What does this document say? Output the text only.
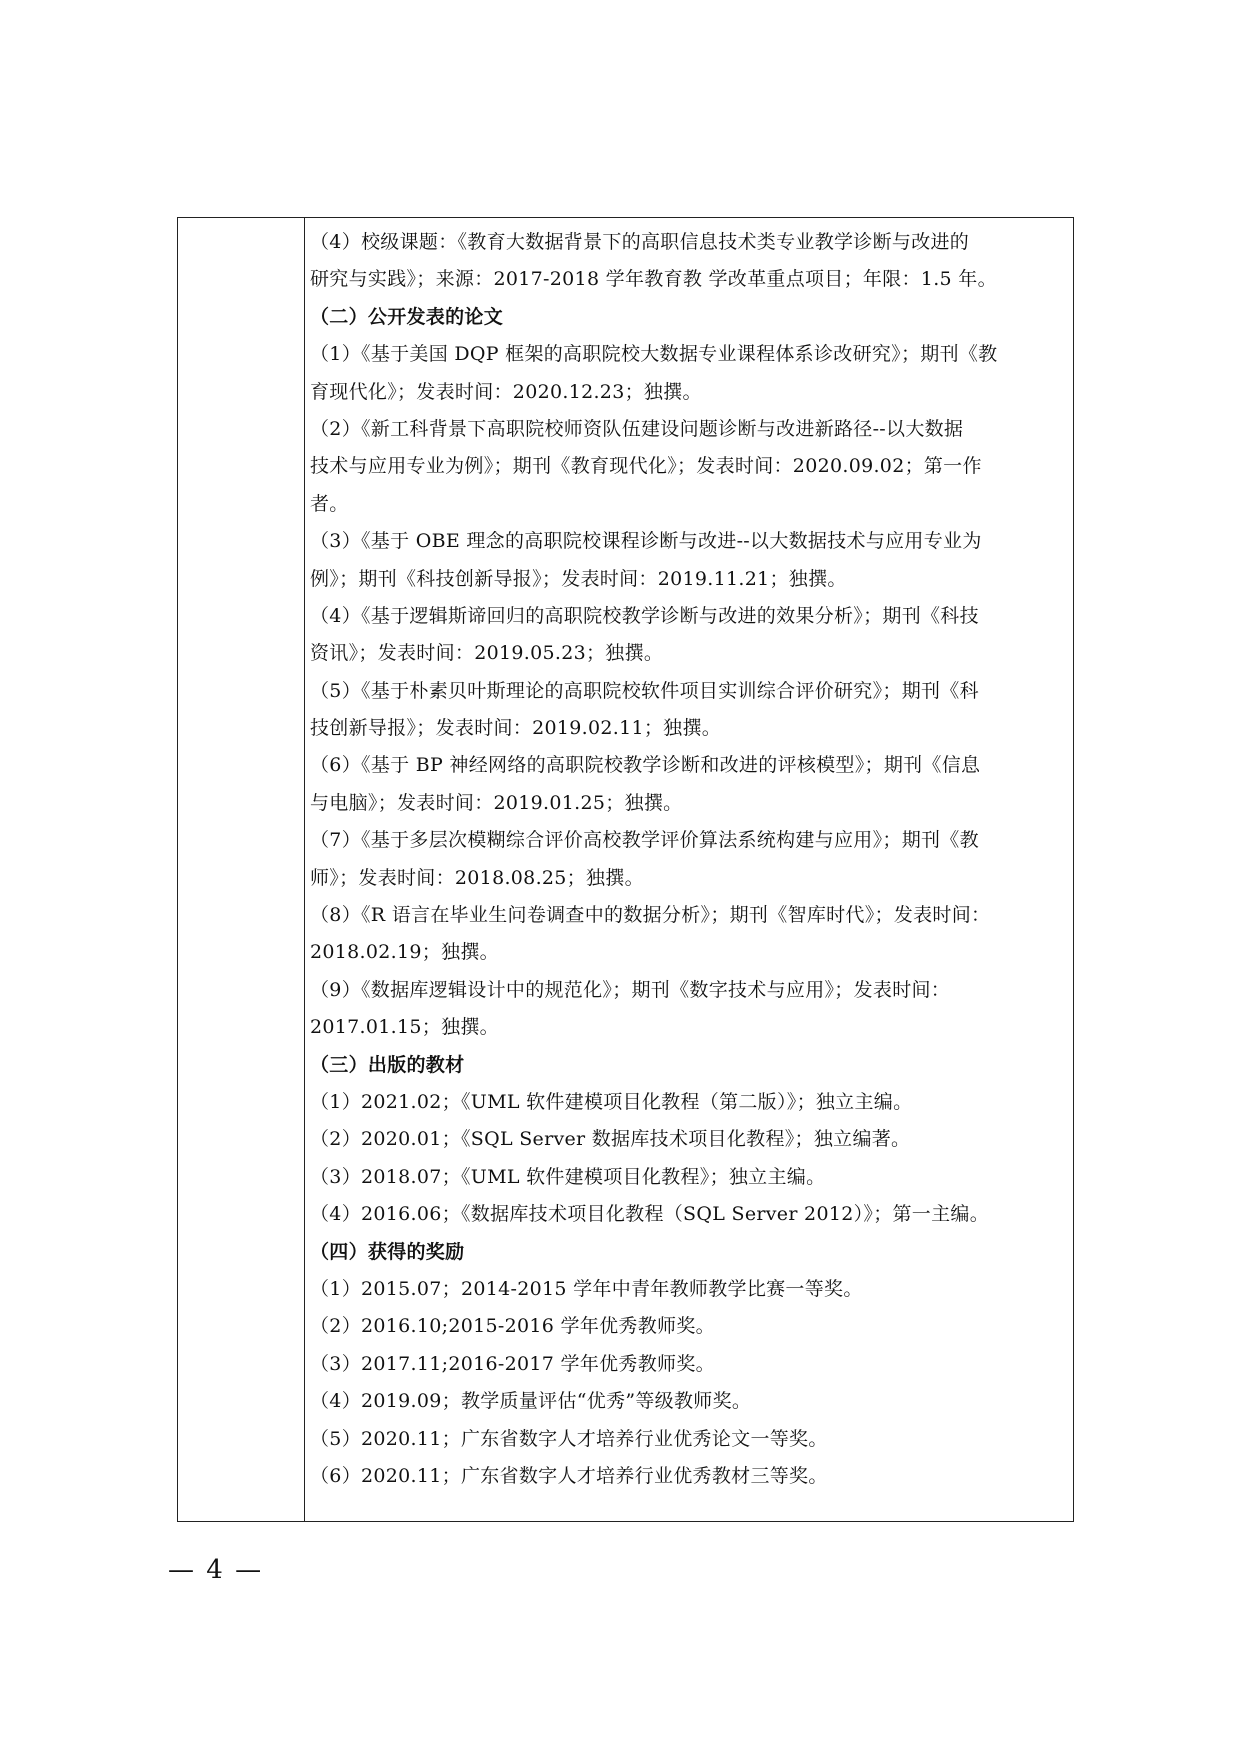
（4）校级课题：《教育大数据背景下的高职信息技术类专业教学诊断与改进的
研究与实践》；来源：2017-2018 学年教育教 学改革重点项目；年限：1.5 年。
（二）公开发表的论文
（1）《基于美国 DQP 框架的高职院校大数据专业课程体系诊改研究》；期刊《教
育现代化》；发表时间：2020.12.23；独撰。
（2）《新工科背景下高职院校师资队伍建设问题诊断与改进新路径--以大数据
技术与应用专业为例》；期刊《教育现代化》；发表时间：2020.09.02；第一作
者。
（3）《基于 OBE 理念的高职院校课程诊断与改进--以大数据技术与应用专业为
例》；期刊《科技创新导报》；发表时间：2019.11.21；独撰。
（4）《基于逻辑斯谛回归的高职院校教学诊断与改进的效果分析》；期刊《科技
资讯》；发表时间：2019.05.23；独撰。
（5）《基于朴素贝叶斯理论的高职院校软件项目实训综合评价研究》；期刊《科
技创新导报》；发表时间：2019.02.11；独撰。
（6）《基于 BP 神经网络的高职院校教学诊断和改进的评核模型》；期刊《信息
与电脑》；发表时间：2019.01.25；独撰。
（7）《基于多层次模糊综合评价高校教学评价算法系统构建与应用》；期刊《教
师》；发表时间：2018.08.25；独撰。
（8）《R 语言在毕业生问卷调查中的数据分析》；期刊《智库时代》；发表时间：
2018.02.19；独撰。
（9）《数据库逻辑设计中的规范化》；期刊《数字技术与应用》；发表时间：
2017.01.15；独撰。
（三）出版的教材
（1）2021.02；《UML 软件建模项目化教程（第二版）》；独立主编。
（2）2020.01；《SQL Server 数据库技术项目化教程》；独立编著。
（3）2018.07；《UML 软件建模项目化教程》；独立主编。
（4）2016.06；《数据库技术项目化教程（SQL Server 2012）》；第一主编。
（四）获得的奖励
（1）2015.07；2014-2015 学年中青年教师教学比赛一等奖。
（2）2016.10;2015-2016 学年优秀教师奖。
（3）2017.11;2016-2017 学年优秀教师奖。
（4）2019.09；教学质量评估“优秀”等级教师奖。
（5）2020.11；广东省数字人才培养行业优秀论文一等奖。
（6）2020.11；广东省数字人才培养行业优秀教材三等奖。
— 4 —
